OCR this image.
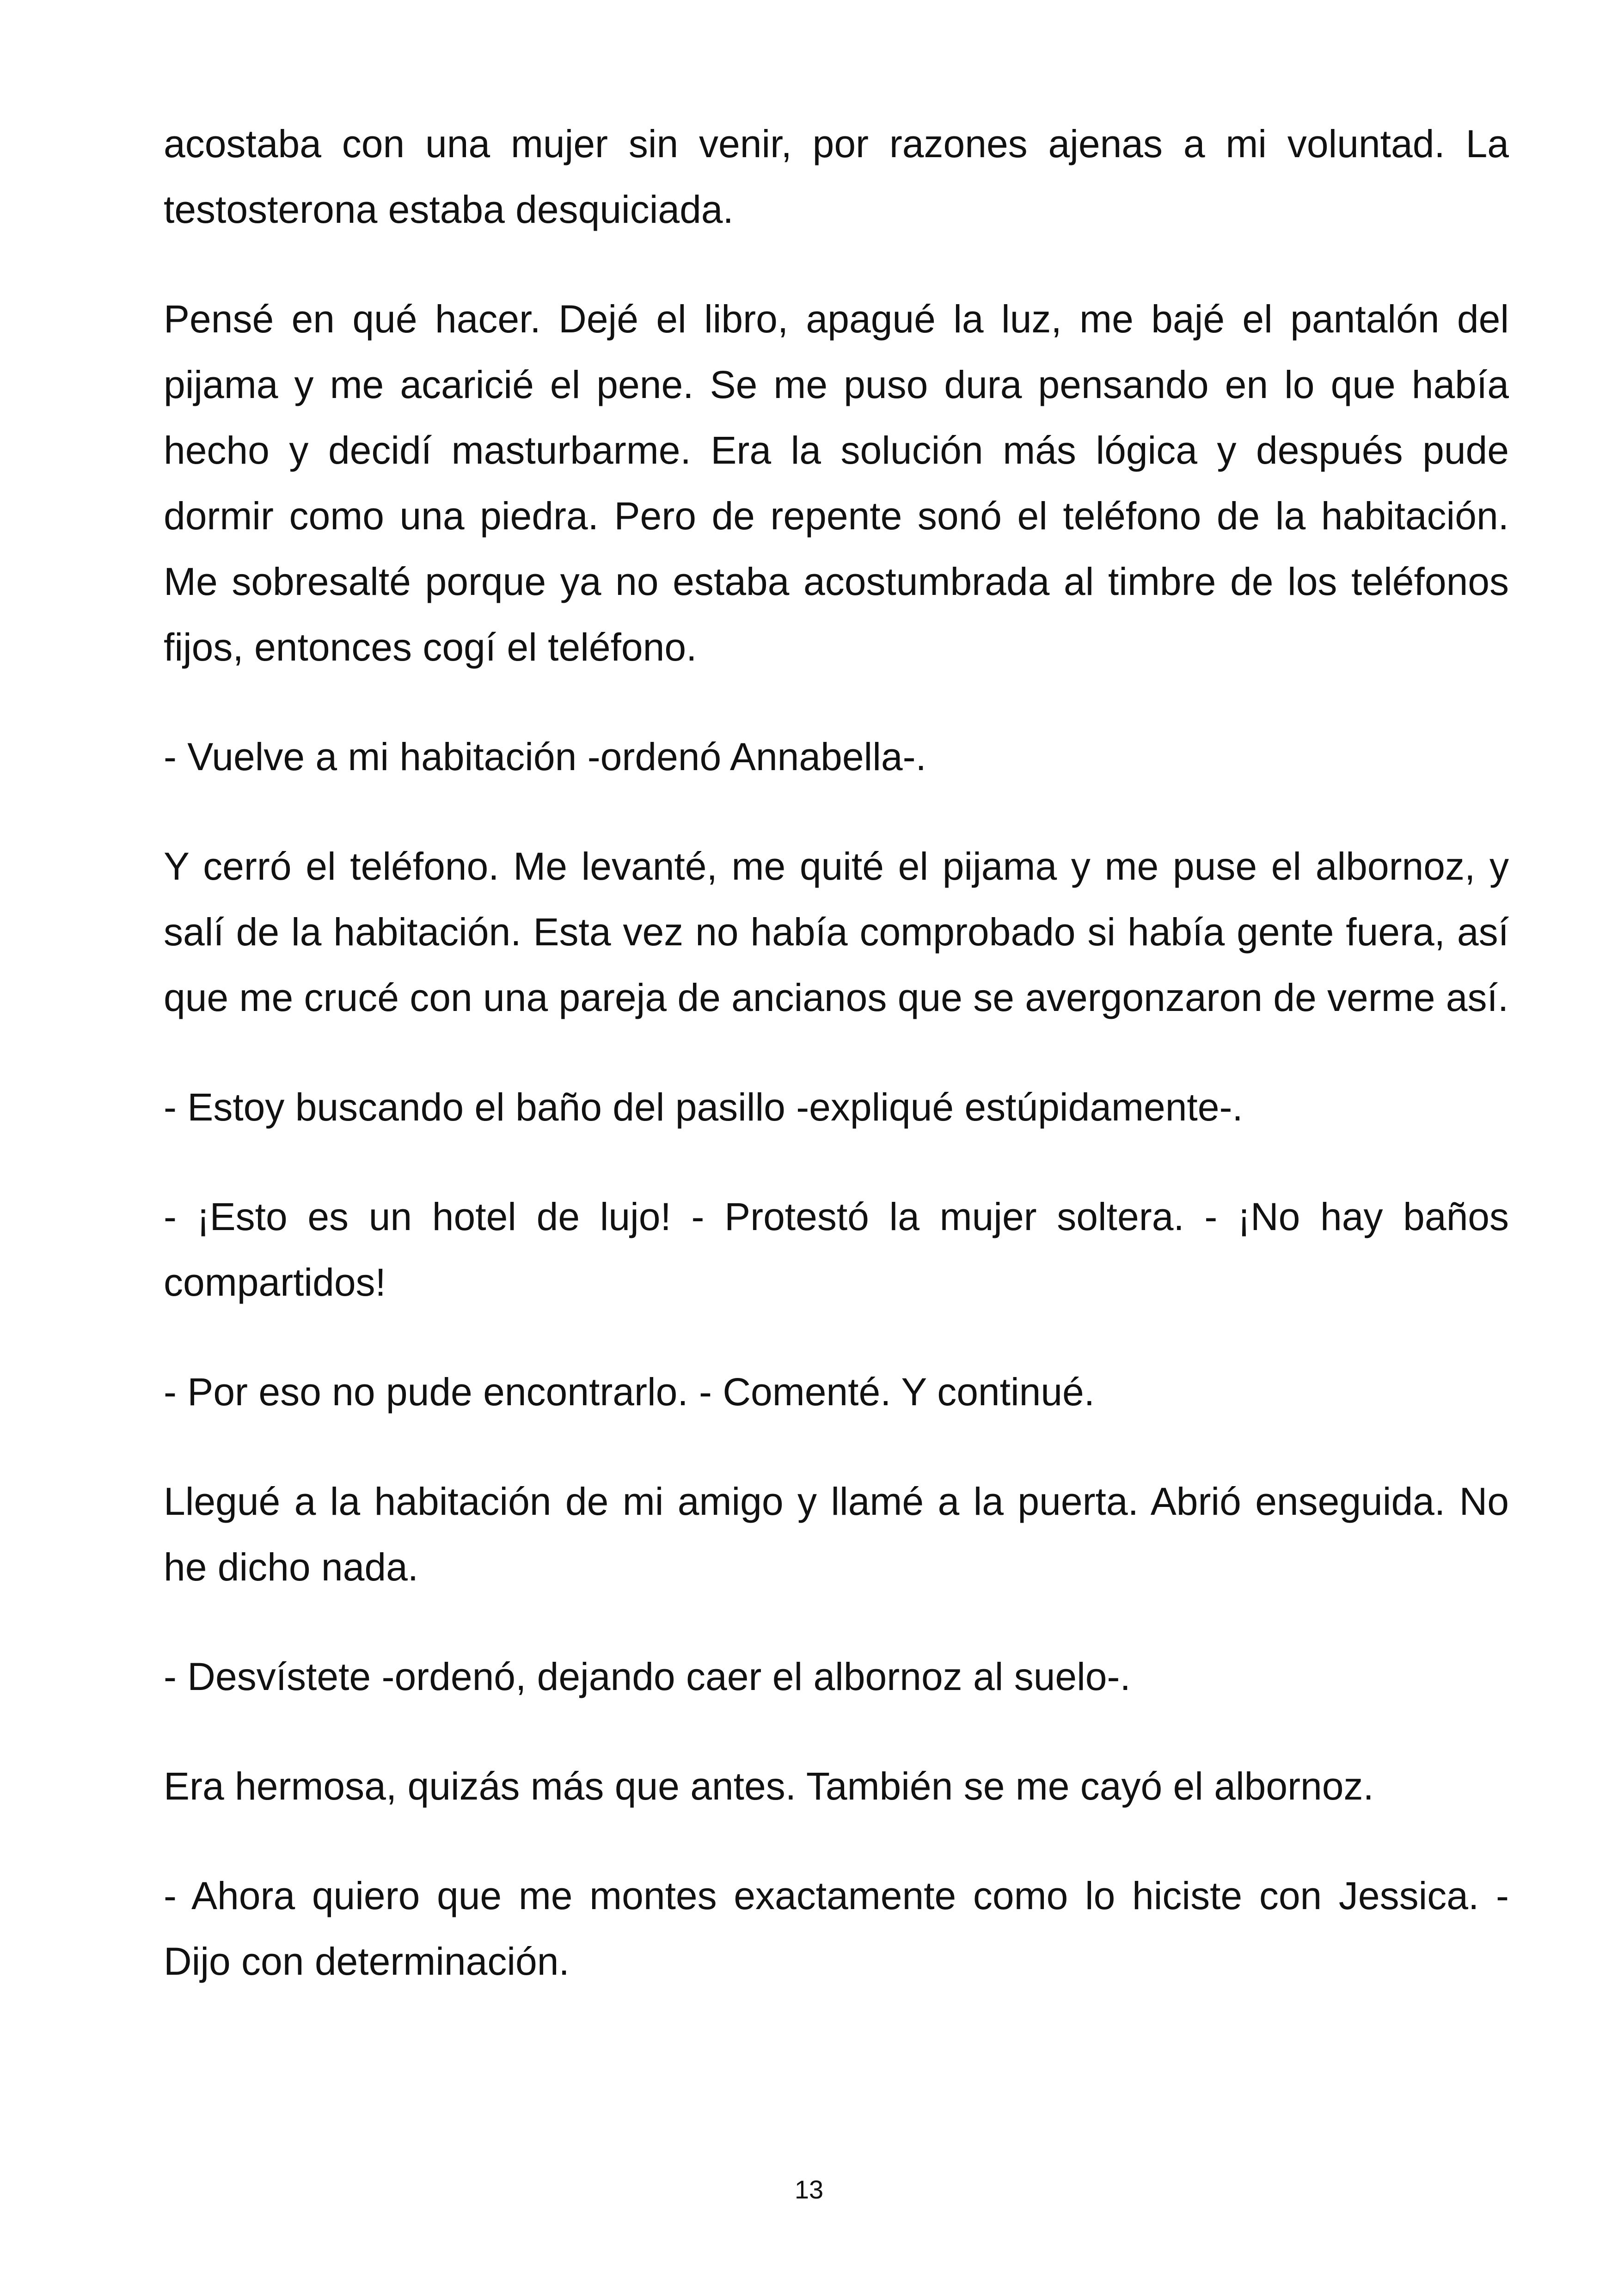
acostaba con una mujer sin venir, por razones ajenas a mi voluntad. La testosterona estaba desquiciada.

Pensé en qué hacer. Dejé el libro, apagué la luz, me bajé el pantalón del pijama y me acaricié el pene. Se me puso dura pensando en lo que había hecho y decidí masturbarme. Era la solución más lógica y después pude dormir como una piedra. Pero de repente sonó el teléfono de la habitación. Me sobresalté porque ya no estaba acostumbrada al timbre de los teléfonos fijos, entonces cogí el teléfono.

- Vuelve a mi habitación -ordenó Annabella-.

Y cerró el teléfono. Me levanté, me quité el pijama y me puse el albornoz, y salí de la habitación. Esta vez no había comprobado si había gente fuera, así que me crucé con una pareja de ancianos que se avergonzaron de verme así.

- Estoy buscando el baño del pasillo -expliqué estúpidamente-.

- ¡Esto es un hotel de lujo! - Protestó la mujer soltera. - ¡No hay baños compartidos!

- Por eso no pude encontrarlo. - Comenté. Y continué.

Llegué a la habitación de mi amigo y llamé a la puerta. Abrió enseguida. No he dicho nada.

- Desvístete -ordenó, dejando caer el albornoz al suelo-.

Era hermosa, quizás más que antes. También se me cayó el albornoz.

- Ahora quiero que me montes exactamente como lo hiciste con Jessica. - Dijo con determinación.

13
